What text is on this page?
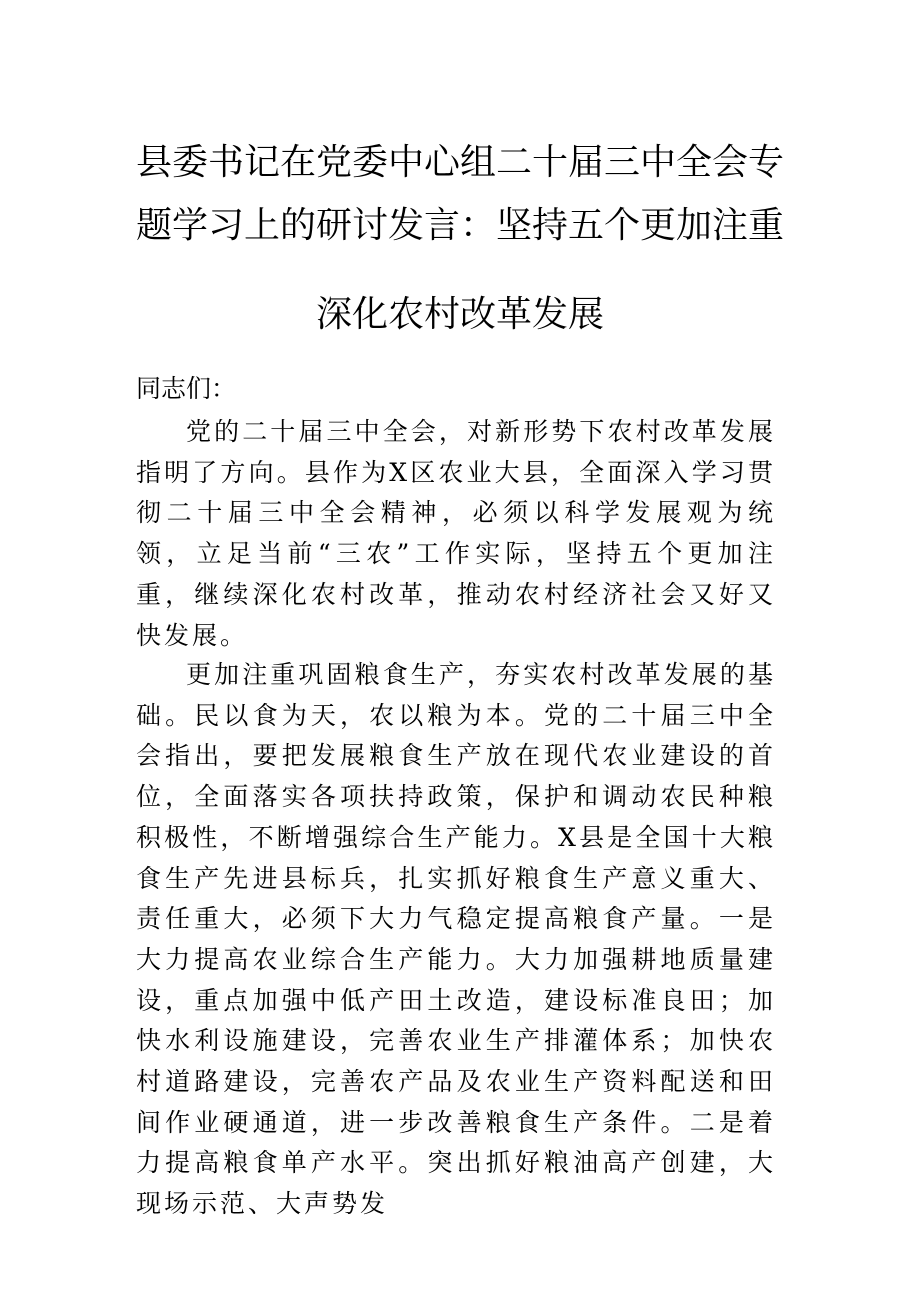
县委书记在党委中心组二十届三中全会专
题学习上的研讨发言：坚持五个更加注重
深化农村改革发展
同志们：

党的二十届三中全会，对新形势下农村改革发展指明了方向。县作为X区农业大县，全面深入学习贯彻二十届三中全会精神，必须以科学发展观为统领，立足当前“三农”工作实际，坚持五个更加注重，继续深化农村改革，推动农村经济社会又好又快发展。

更加注重巩固粮食生产，夯实农村改革发展的基础。民以食为天，农以粮为本。党的二十届三中全会指出，要把发展粮食生产放在现代农业建设的首位，全面落实各项扶持政策，保护和调动农民种粮积极性，不断增强综合生产能力。X县是全国十大粮食生产先进县标兵，扎实抓好粮食生产意义重大、责任重大，必须下大力气稳定提高粮食产量。一是大力提高农业综合生产能力。大力加强耕地质量建设，重点加强中低产田土改造，建设标准良田；加快水利设施建设，完善农业生产排灌体系；加快农村道路建设，完善农产品及农业生产资料配送和田间作业硬通道，进一步改善粮食生产条件。二是着力提高粮食单产水平。突出抓好粮油高产创建，大现场示范、大声势发
